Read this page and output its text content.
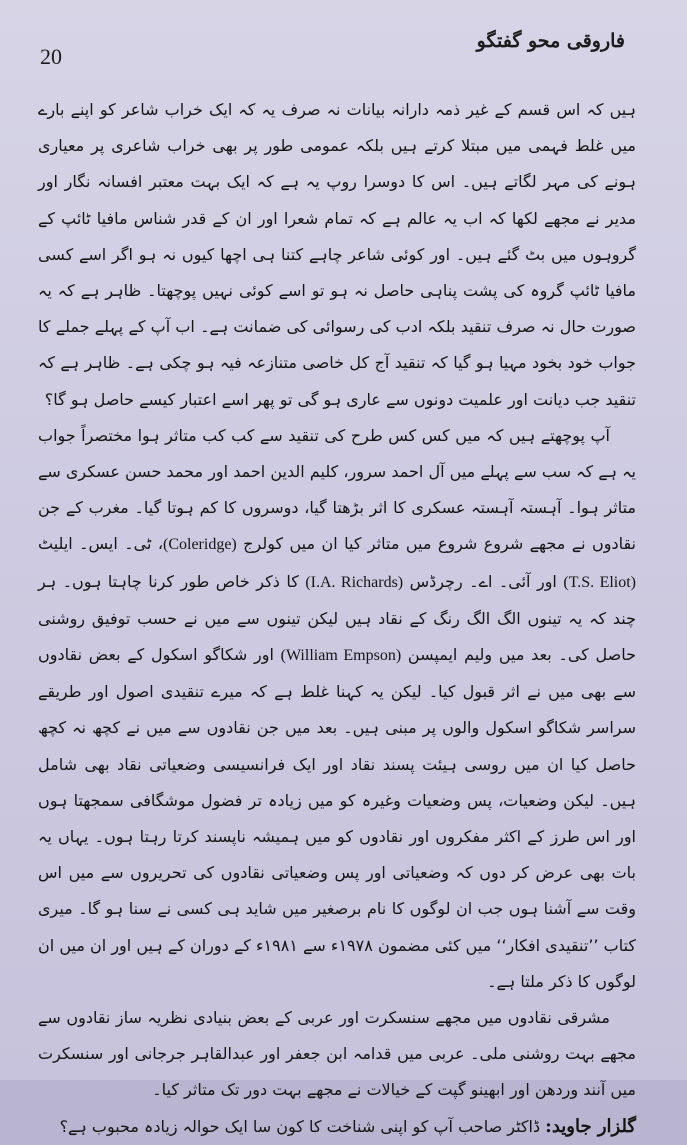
20
فاروقی محو گفتگو

ہیں کہ اس قسم کے غیر ذمہ دارانہ بیانات نہ صرف یہ کہ ایک خراب شاعر کو اپنے بارے میں غلط فہمی میں مبتلا کرتے ہیں بلکہ عمومی طور پر بھی خراب شاعری پر معیاری ہونے کی مہر لگاتے ہیں۔ اس کا دوسرا روپ یہ ہے کہ ایک بہت معتبر افسانہ نگار اور مدیر نے مجھے لکھا کہ اب یہ عالم ہے کہ تمام شعرا اور ان کے قدر شناس مافیا ٹائپ کے گروہوں میں بٹ گئے ہیں۔ اور کوئی شاعر چاہے کتنا ہی اچھا کیوں نہ ہو اگر اسے کسی مافیا ٹائپ گروہ کی پشت پناہی حاصل نہ ہو تو اسے کوئی نہیں پوچھتا۔ ظاہر ہے کہ یہ صورت حال نہ صرف تنقید بلکہ ادب کی رسوائی کی ضمانت ہے۔ اب آپ کے پہلے جملے کا جواب خود بخود مہیا ہو گیا کہ تنقید آج کل خاصی متنازعہ فیہ ہو چکی ہے۔ ظاہر ہے کہ تنقید جب دیانت اور علمیت دونوں سے عاری ہو گی تو پھر اسے اعتبار کیسے حاصل ہو گا؟

آپ پوچھتے ہیں کہ میں کس کس طرح کی تنقید سے کب کب متاثر ہوا مختصراً جواب یہ ہے کہ سب سے پہلے میں آل احمد سرور، کلیم الدین احمد اور محمد حسن عسکری سے متاثر ہوا۔ آہستہ آہستہ عسکری کا اثر بڑھتا گیا، دوسروں کا کم ہوتا گیا۔ مغرب کے جن نقادوں نے مجھے شروع شروع میں متاثر کیا ان میں کولرج (Coleridge)، ٹی۔ ایس۔ ایلیٹ (T.S. Eliot) اور آئی۔ اے۔ رچرڈس (I.A. Richards) کا ذکر خاص طور کرنا چاہتا ہوں۔ ہر چند کہ یہ تینوں الگ الگ رنگ کے نقاد ہیں لیکن تینوں سے میں نے حسب توفیق روشنی حاصل کی۔ بعد میں ولیم ایمپسن (William Empson) اور شکاگو اسکول کے بعض نقادوں سے بھی میں نے اثر قبول کیا۔ لیکن یہ کہنا غلط ہے کہ میرے تنقیدی اصول اور طریقے سراسر شکاگو اسکول والوں پر مبنی ہیں۔ بعد میں جن نقادوں سے میں نے کچھ نہ کچھ حاصل کیا ان میں روسی ہیئت پسند نقاد اور ایک فرانسیسی وضعیاتی نقاد بھی شامل ہیں۔ لیکن وضعیات، پس وضعیات وغیرہ کو میں زیادہ تر فضول موشگافی سمجھتا ہوں اور اس طرز کے اکثر مفکروں اور نقادوں کو میں ہمیشہ ناپسند کرتا رہتا ہوں۔ یہاں یہ بات بھی عرض کر دوں کہ وضعیاتی اور پس وضعیاتی نقادوں کی تحریروں سے میں اس وقت سے آشنا ہوں جب ان لوگوں کا نام برصغیر میں شاید ہی کسی نے سنا ہو گا۔ میری کتاب ’’تنقیدی افکار‘‘ میں کئی مضمون ۱۹۷۸ء سے ۱۹۸۱ء کے دوران کے ہیں اور ان میں ان لوگوں کا ذکر ملتا ہے۔

مشرقی نقادوں میں مجھے سنسکرت اور عربی کے بعض بنیادی نظریہ ساز نقادوں سے مجھے بہت روشنی ملی۔ عربی میں قدامہ ابن جعفر اور عبدالقاہر جرجانی اور سنسکرت میں آنند وردھن اور ابھینو گپت کے خیالات نے مجھے بہت دور تک متاثر کیا۔

گلزار جاوید: ڈاکٹر صاحب آپ کو اپنی شناخت کا کون سا ایک حوالہ زیادہ محبوب ہے؟
